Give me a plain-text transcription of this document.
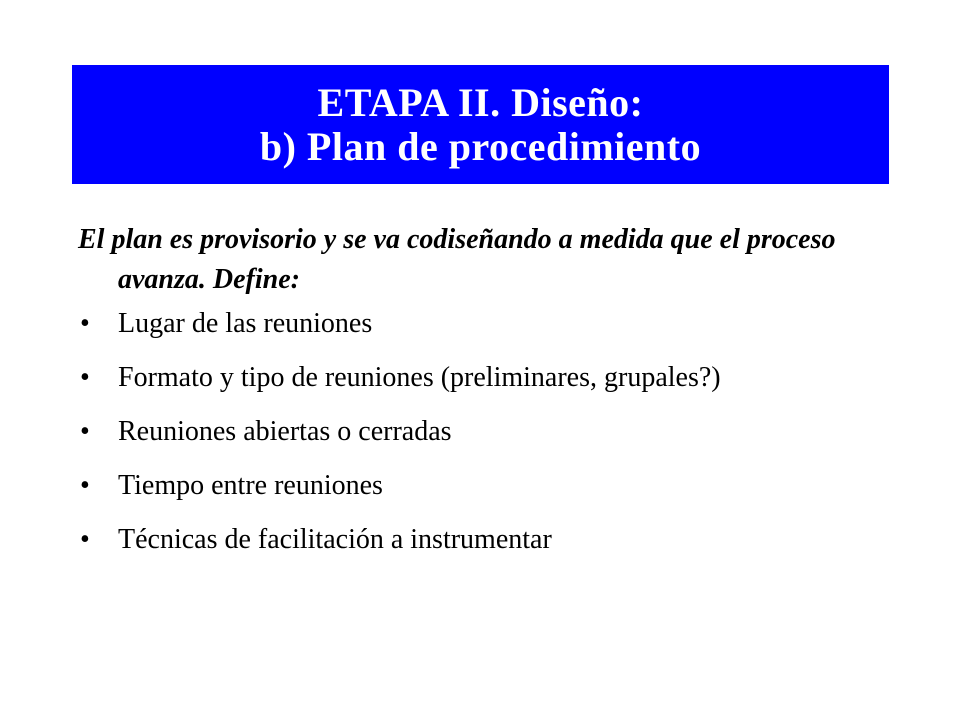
ETAPA II. Diseño:
b) Plan de procedimiento

El plan es provisorio y se va codiseñando a medida que el proceso avanza. Define:

•	Lugar de las reuniones
•	Formato y tipo de reuniones (preliminares, grupales?)
•	Reuniones abiertas o cerradas
•	Tiempo entre reuniones
•	Técnicas de facilitación a instrumentar
